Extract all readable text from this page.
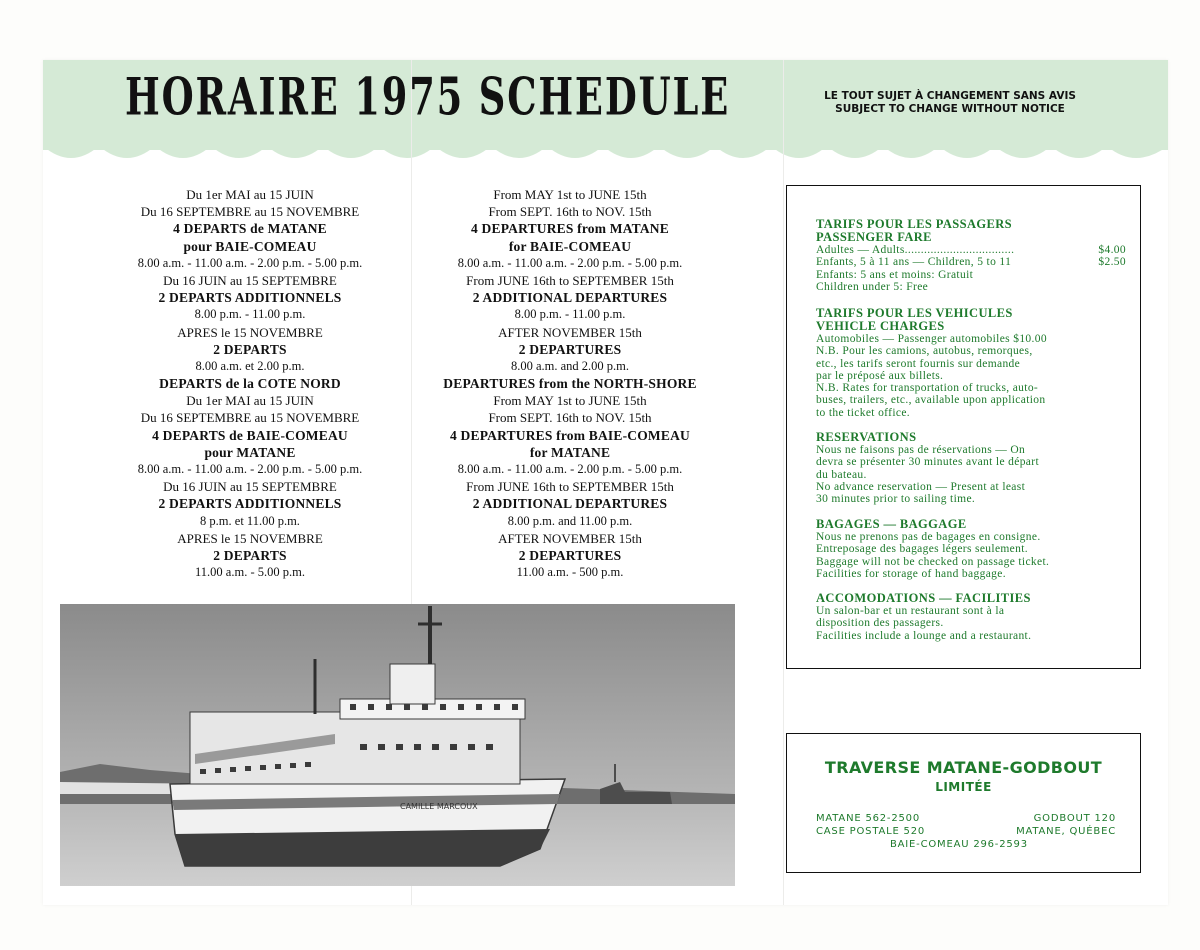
HORAIRE 1975 SCHEDULE	LE TOUT SUJET À CHANGEMENT SANS AVIS
SUBJECT TO CHANGE WITHOUT NOTICE
Du 1er MAI au 15 JUIN
Du 16 SEPTEMBRE au 15 NOVEMBRE
4 DEPARTS de MATANE
pour BAIE-COMEAU
8.00 a.m. - 11.00 a.m. - 2.00 p.m. - 5.00 p.m.
Du 16 JUIN au 15 SEPTEMBRE
2 DEPARTS ADDITIONNELS
8.00 p.m. - 11.00 p.m.
APRES le 15 NOVEMBRE
2 DEPARTS
8.00 a.m. et 2.00 p.m.
DEPARTS de la COTE NORD
Du 1er MAI au 15 JUIN
Du 16 SEPTEMBRE au 15 NOVEMBRE
4 DEPARTS de BAIE-COMEAU
pour MATANE
8.00 a.m. - 11.00 a.m. - 2.00 p.m. - 5.00 p.m.
Du 16 JUIN au 15 SEPTEMBRE
2 DEPARTS ADDITIONNELS
8 p.m. et 11.00 p.m.
APRES le 15 NOVEMBRE
2 DEPARTS
11.00 a.m. - 5.00 p.m.
From MAY 1st to JUNE 15th
From SEPT. 16th to NOV. 15th
4 DEPARTURES from MATANE
for BAIE-COMEAU
8.00 a.m. - 11.00 a.m. - 2.00 p.m. - 5.00 p.m.
From JUNE 16th to SEPTEMBER 15th
2 ADDITIONAL DEPARTURES
8.00 p.m. - 11.00 p.m.
AFTER NOVEMBER 15th
2 DEPARTURES
8.00 a.m. and 2.00 p.m.
DEPARTURES from the NORTH-SHORE
From MAY 1st to JUNE 15th
From SEPT. 16th to NOV. 15th
4 DEPARTURES from BAIE-COMEAU
for MATANE
8.00 a.m. - 11.00 a.m. - 2.00 p.m. - 5.00 p.m.
From JUNE 16th to SEPTEMBER 15th
2 ADDITIONAL DEPARTURES
8.00 p.m. and 11.00 p.m.
AFTER NOVEMBER 15th
2 DEPARTURES
11.00 a.m. - 500 p.m.
CAMILLE MARCOUX
TARIFS POUR LES PASSAGERS
PASSENGER FARE
Adultes — Adults..................................	$4.00
Enfants, 5 à 11 ans — Children, 5 to 11	$2.50
Enfants: 5 ans et moins: Gratuit
Children under 5: Free
TARIFS POUR LES VEHICULES
VEHICLE CHARGES
Automobiles — Passenger automobiles $10.00
N.B. Pour les camions, autobus, remorques,
etc., les tarifs seront fournis sur demande
par le préposé aux billets.
N.B. Rates for transportation of trucks, auto-
buses, trailers, etc., available upon application
to the ticket office.
RESERVATIONS
Nous ne faisons pas de réservations — On
devra se présenter 30 minutes avant le départ
du bateau.
No advance reservation — Present at least
30 minutes prior to sailing time.
BAGAGES — BAGGAGE
Nous ne prenons pas de bagages en consigne.
Entreposage des bagages légers seulement.
Baggage will not be checked on passage ticket.
Facilities for storage of hand baggage.
ACCOMODATIONS — FACILITIES
Un salon-bar et un restaurant sont à la
disposition des passagers.
Facilities include a lounge and a restaurant.
TRAVERSE MATANE-GODBOUT
LIMITÉE
MATANE 562-2500	GODBOUT 120
CASE POSTALE 520	MATANE, QUÉBEC
BAIE-COMEAU 296-2593
